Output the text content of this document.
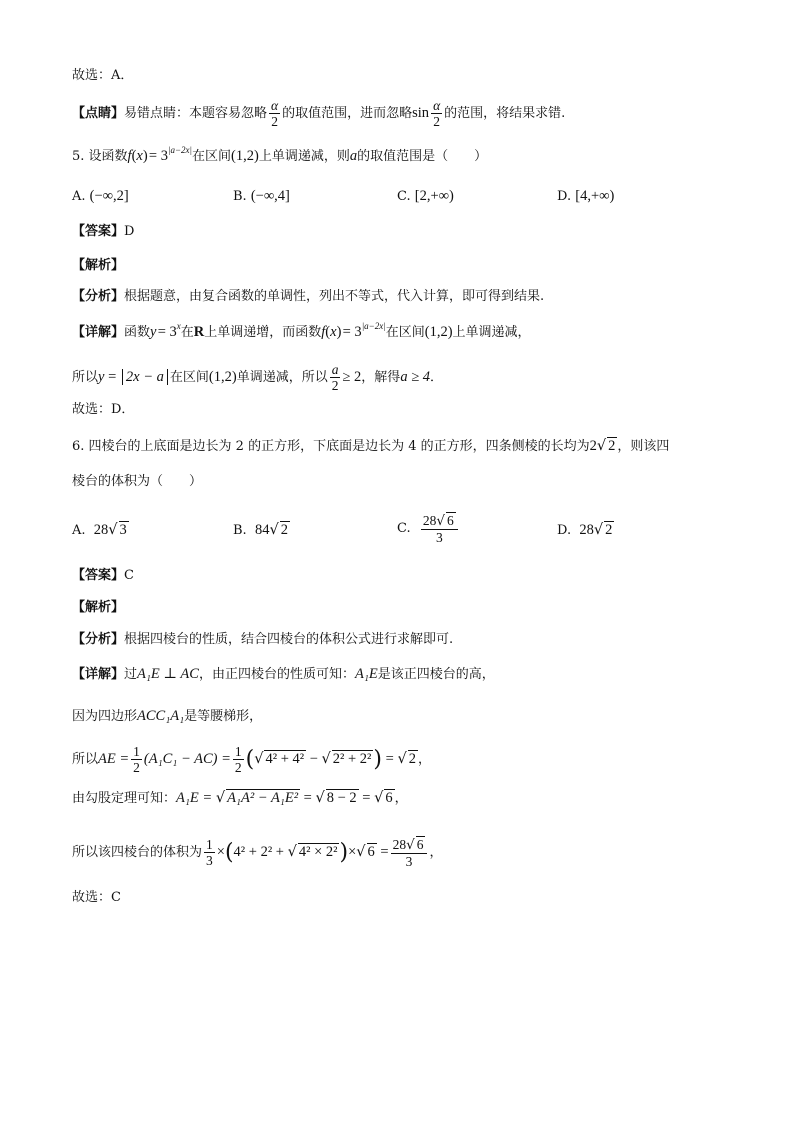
故选：A．
【点睛】易错点睛：本题容易忽略 $\frac{\alpha}{2}$ 的取值范围，进而忽略$\sin \frac{\alpha}{2}$ 的范围，将结果求错.
5. 设函数f(x) = $3^{|a-2x|}$在区间(1,2)上单调递减，则a的取值范围是（　　）
A. (−∞,2]	B. (−∞,4]	C. [2,+∞)	D. [4,+∞)
【答案】D
【解析】
【分析】根据题意，由复合函数的单调性，列出不等式，代入计算，即可得到结果.
【详解】函数y = $3^x$在R上单调递增，而函数f(x) = $3^{|a-2x|}$在区间(1,2)上单调递减，
所以y = 2x − a 在区间(1,2)单调递减，所以 $\frac{a}{2} \ge 2$，解得a ≥ 4．
故选：D．
6. 四棱台的上底面是边长为 2 的正方形，下底面是边长为 4 的正方形，四条侧棱的长均为2√ 2 ，则该四
棱台的体积为（　　）
A. 28√ 3	B. 84√ 2	C. $\frac{28√ 6}{3}$	D. 28√ 2
【答案】C
【解析】
【分析】根据四棱台的性质，结合四棱台的体积公式进行求解即可.
【详解】过A₁E ⊥ AC，由正四棱台的性质可知：A₁E是该正四棱台的高，
因为四边形ACC₁A₁是等腰梯形，
所以AE = $\frac{1}{2} (A_1C_1 - AC) = \frac{1}{2}$ (√ 4² + 4² − √ 2² + 2²) = √ 2 ，
由勾股定理可知：A₁E = √ A₁A² − A₁E² = √ 8 − 2 = √ 6 ，
所以该四棱台的体积为 $\frac{1}{3} \times(4^2 + 2^2$ + √ 4² × 2²)×√ $6 = \frac{28√ 6}{3}$ ，
故选：C
